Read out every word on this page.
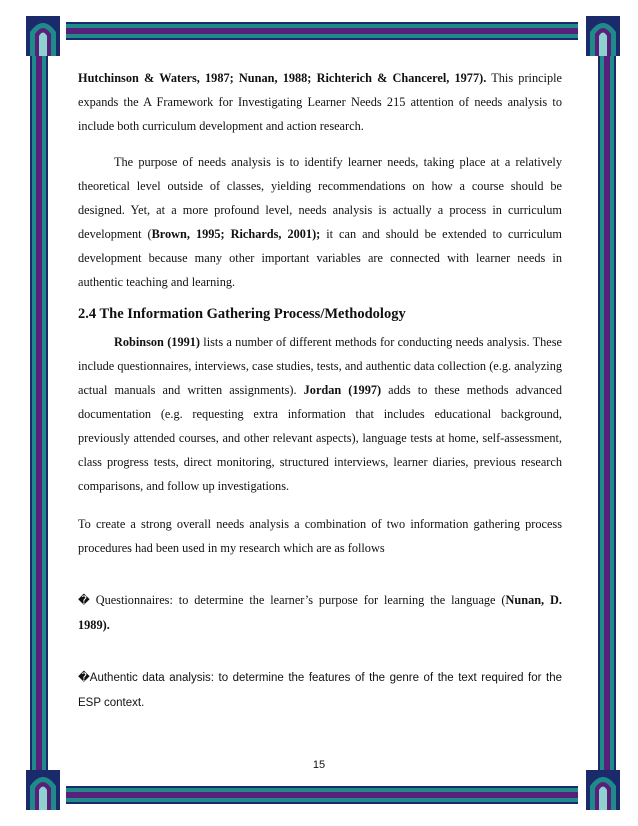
Hutchinson & Waters, 1987; Nunan, 1988; Richterich & Chancerel, 1977). This principle expands the A Framework for Investigating Learner Needs 215 attention of needs analysis to include both curriculum development and action research.

The purpose of needs analysis is to identify learner needs, taking place at a relatively theoretical level outside of classes, yielding recommendations on how a course should be designed. Yet, at a more profound level, needs analysis is actually a process in curriculum development (Brown, 1995; Richards, 2001); it can and should be extended to curriculum development because many other important variables are connected with learner needs in authentic teaching and learning.

2.4 The Information Gathering Process/Methodology

Robinson (1991) lists a number of different methods for conducting needs analysis. These include questionnaires, interviews, case studies, tests, and authentic data collection (e.g. analyzing actual manuals and written assignments). Jordan (1997) adds to these methods advanced documentation (e.g. requesting extra information that includes educational background, previously attended courses, and other relevant aspects), language tests at home, self-assessment, class progress tests, direct monitoring, structured interviews, learner diaries, previous research comparisons, and follow up investigations.

To create a strong overall needs analysis a combination of two information gathering process procedures had been used in my research which are as follows

� Questionnaires: to determine the learner’s purpose for learning the language (Nunan, D. 1989).

�Authentic data analysis: to determine the features of the genre of the text required for the ESP context.

15
